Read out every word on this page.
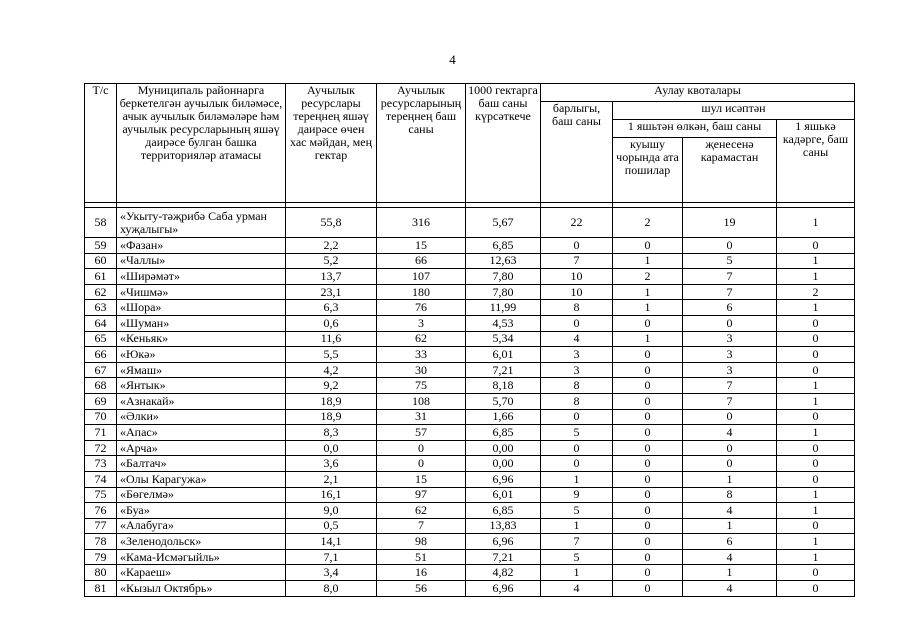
4
Т/с	Муниципаль районнарга беркетелгән аучылык биләмәсе, ачык аучылык биләмәләре һәм аучылык ресурсларының яшәү даирәсе булган башка территорияләр атамасы	Аучылык ресурслары тереңнең яшәү даирәсе өчен хас мәйдан, мең гектар	Аучылык ресурсларының тереңнең баш саны	1000 гектарга баш саны күрсәткече	Аулау квоталары			
					барлыгы, баш саны	шул исәптән		
						1 яшьтән өлкән, баш саны		1 яшькә кадәрге, баш саны
						куышу чорында ата пошилар	җенесенә карамастан	

58	«Укыту-тәҗрибә Саба урман хуҗалыгы»	55,8	316	5,67	22	2	19	1
59	«Фазан»	2,2	15	6,85	0	0	0	0
60	«Чаллы»	5,2	66	12,63	7	1	5	1
61	«Ширәмәт»	13,7	107	7,80	10	2	7	1
62	«Чишмә»	23,1	180	7,80	10	1	7	2
63	«Шора»	6,3	76	11,99	8	1	6	1
64	«Шуман»	0,6	3	4,53	0	0	0	0
65	«Кеньяк»	11,6	62	5,34	4	1	3	0
66	«Юкә»	5,5	33	6,01	3	0	3	0
67	«Ямаш»	4,2	30	7,21	3	0	3	0
68	«Янтык»	9,2	75	8,18	8	0	7	1
69	«Азнакай»	18,9	108	5,70	8	0	7	1
70	«Әлки»	18,9	31	1,66	0	0	0	0
71	«Апас»	8,3	57	6,85	5	0	4	1
72	«Арча»	0,0	0	0,00	0	0	0	0
73	«Балтач»	3,6	0	0,00	0	0	0	0
74	«Олы Карагужа»	2,1	15	6,96	1	0	1	0
75	«Бөгелмә»	16,1	97	6,01	9	0	8	1
76	«Буа»	9,0	62	6,85	5	0	4	1
77	«Алабуга»	0,5	7	13,83	1	0	1	0
78	«Зеленодольск»	14,1	98	6,96	7	0	6	1
79	«Кама-Исмәгыйль»	7,1	51	7,21	5	0	4	1
80	«Караеш»	3,4	16	4,82	1	0	1	0
81	«Кызыл Октябрь»	8,0	56	6,96	4	0	4	0
